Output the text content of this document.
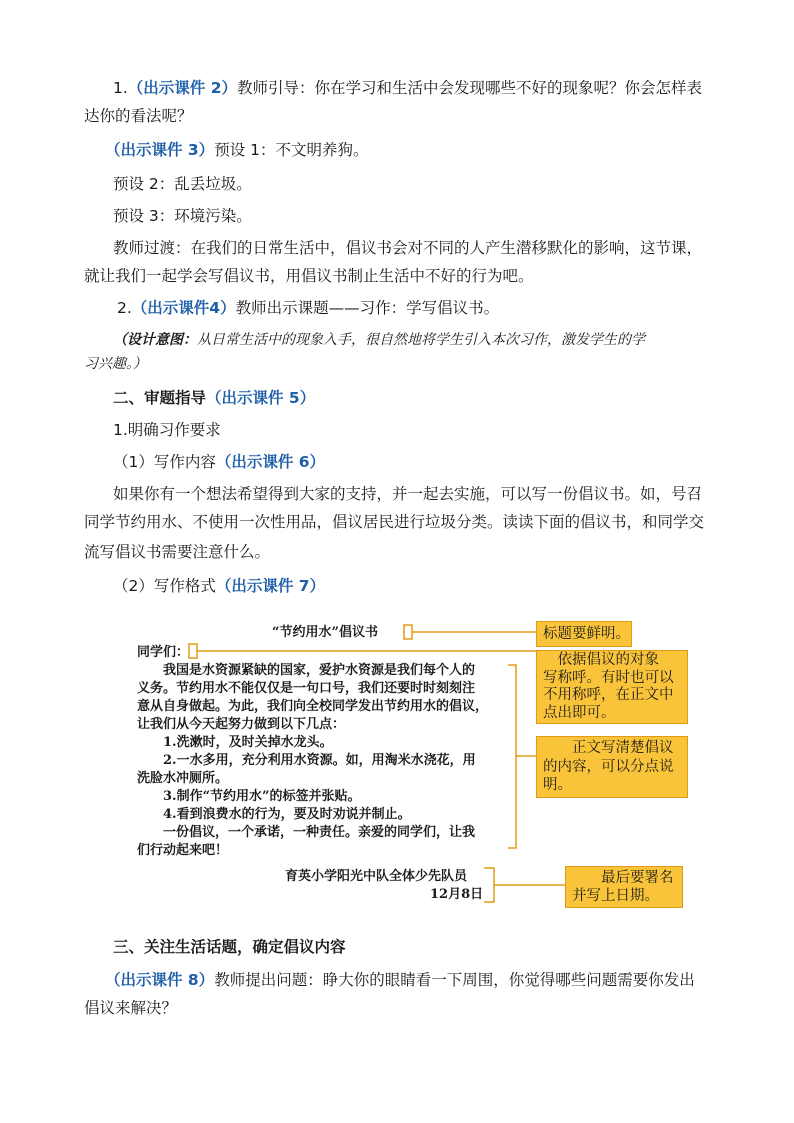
1.（出示课件 2）教师引导：你在学习和生活中会发现哪些不好的现象呢？你会怎样表
达你的看法呢？
（出示课件 3）预设 1：不文明养狗。
预设 2：乱丢垃圾。
预设 3：环境污染。
教师过渡：在我们的日常生活中，倡议书会对不同的人产生潜移默化的影响，这节课，
就让我们一起学会写倡议书，用倡议书制止生活中不好的行为吧。
2.（出示课件4）教师出示课题——习作：学写倡议书。
（设计意图：从日常生活中的现象入手，很自然地将学生引入本次习作，激发学生的学
习兴趣。）
二、审题指导（出示课件 5）
1.明确习作要求
（1）写作内容（出示课件 6）
如果你有一个想法希望得到大家的支持，并一起去实施，可以写一份倡议书。如，号召
同学节约用水、不使用一次性用品，倡议居民进行垃圾分类。读读下面的倡议书，和同学交
流写倡议书需要注意什么。
（2）写作格式（出示课件 7）
“节约用水”倡议书
同学们：
　　我国是水资源紧缺的国家，爱护水资源是我们每个人的
义务。节约用水不能仅仅是一句口号，我们还要时时刻刻注
意从自身做起。为此，我们向全校同学发出节约用水的倡议，
让我们从今天起努力做到以下几点：
　　1.洗漱时，及时关掉水龙头。
　　2.一水多用，充分利用水资源。如，用淘米水浇花，用
洗脸水冲厕所。
　　3.制作“节约用水”的标签并张贴。
　　4.看到浪费水的行为，要及时劝说并制止。
　　一份倡议，一个承诺，一种责任。亲爱的同学们，让我
们行动起来吧！
育英小学阳光中队全体少先队员
12月8日
标题要鲜明。
　依据倡议的对象
写称呼。有时也可以
不用称呼，在正文中
点出即可。
　　正文写清楚倡议
的内容，可以分点说
明。
　　最后要署名
并写上日期。
三、关注生活话题，确定倡议内容
（出示课件 8）教师提出问题：睁大你的眼睛看一下周围，你觉得哪些问题需要你发出
倡议来解决？
